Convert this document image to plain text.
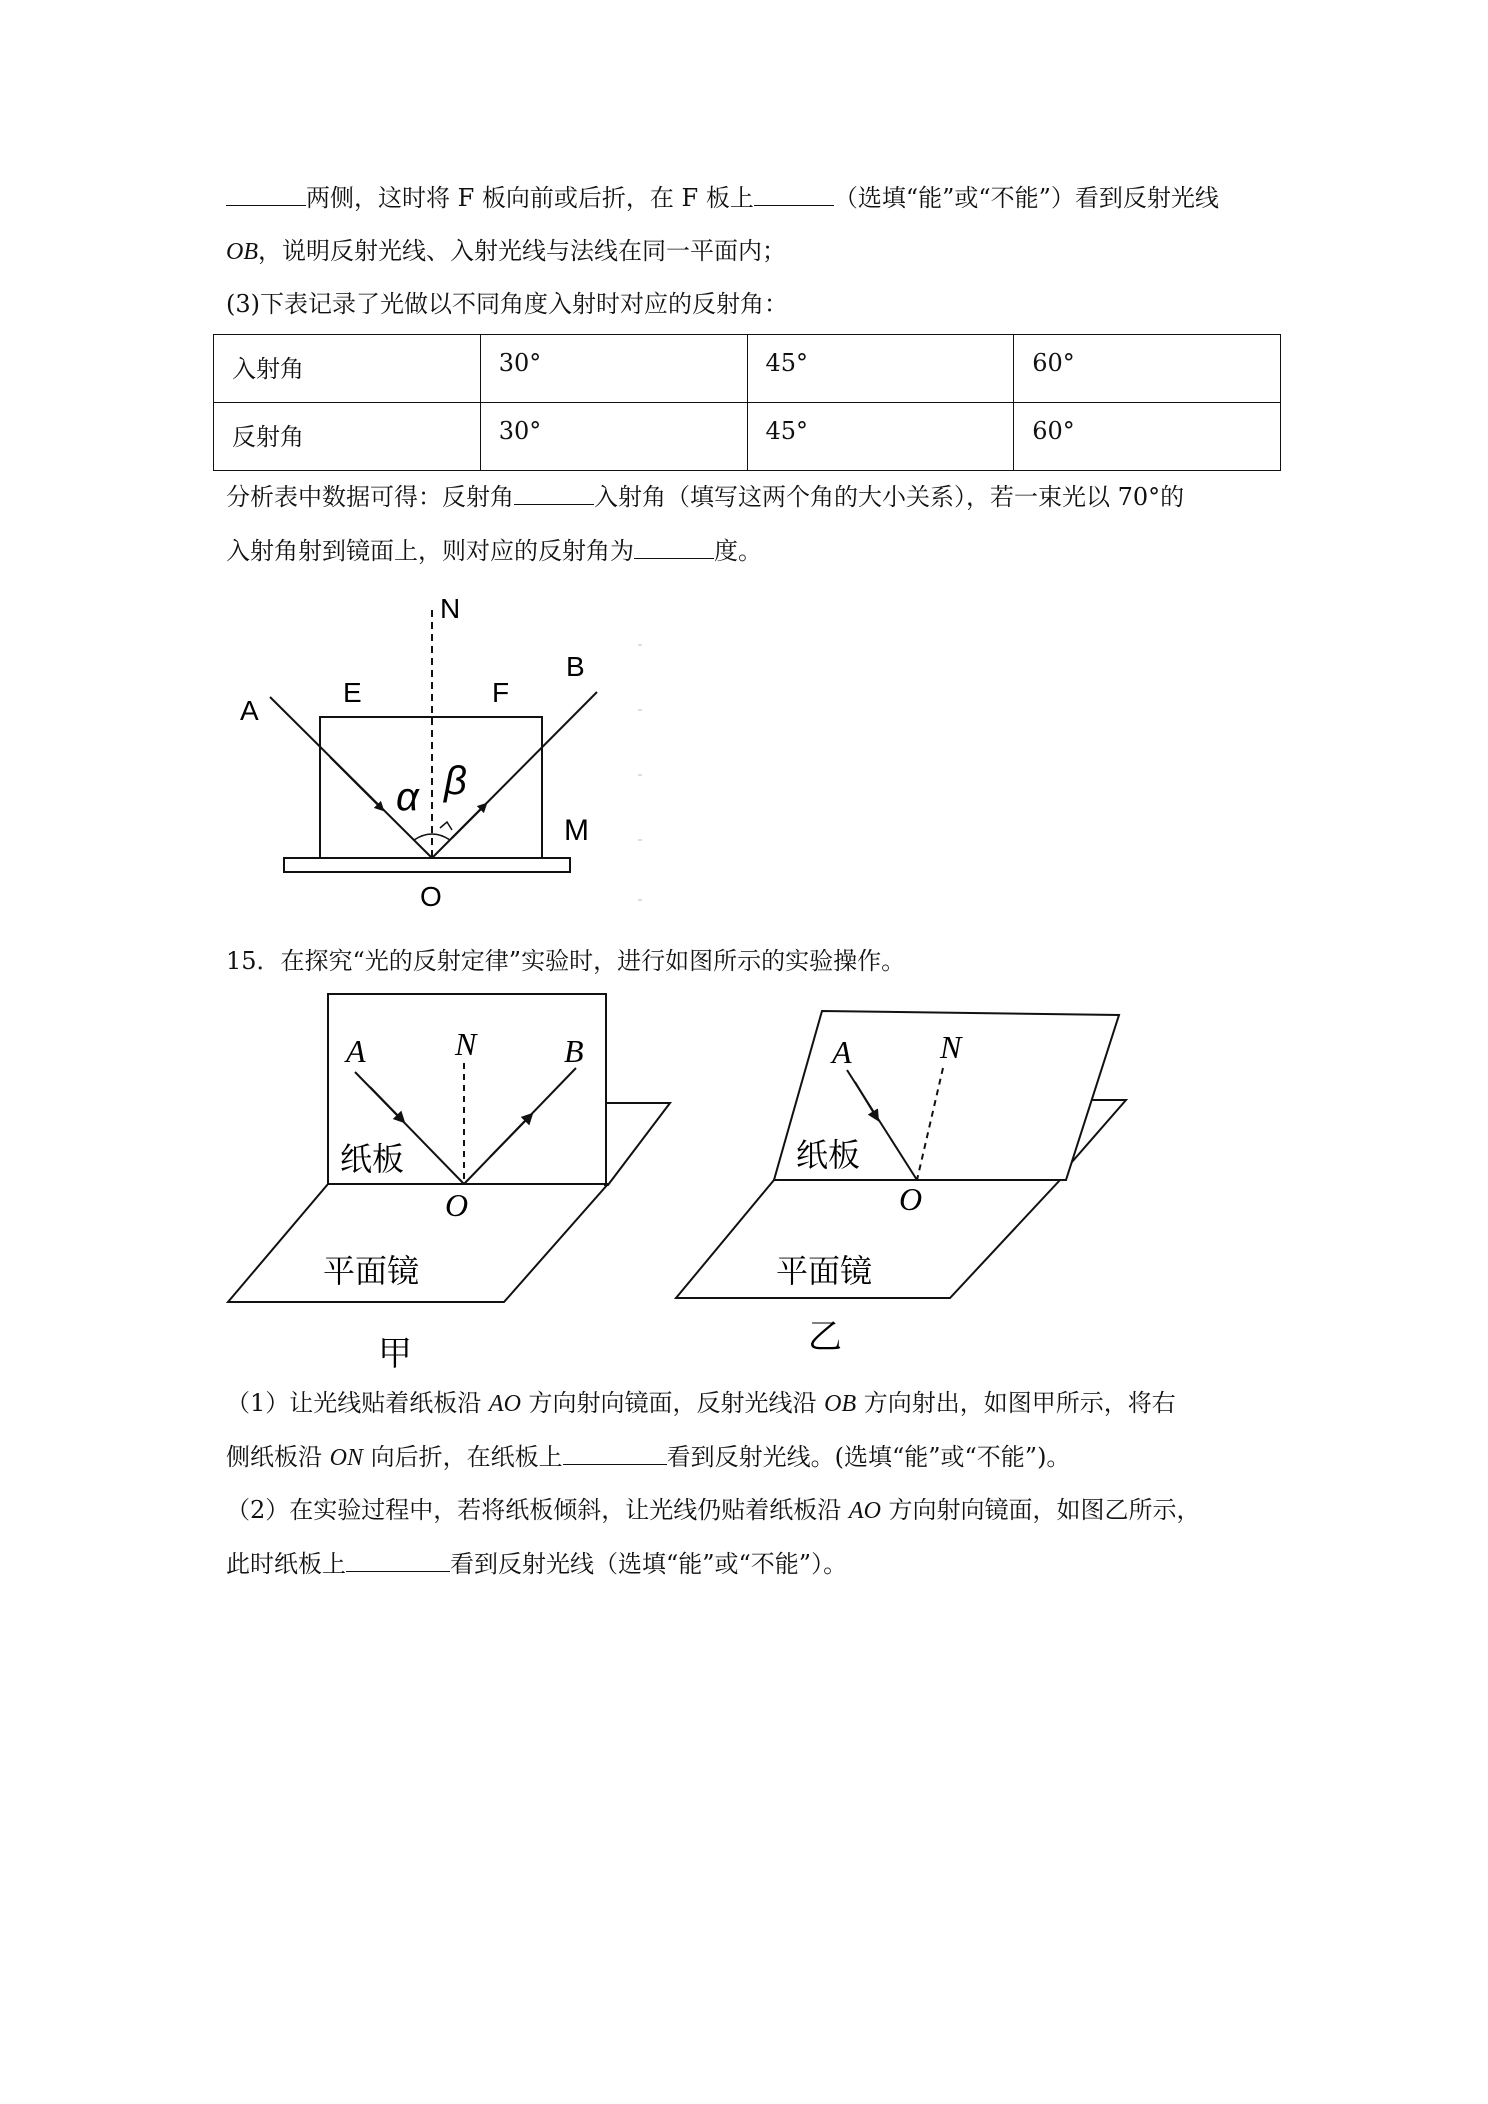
两侧，这时将 F 板向前或后折，在 F 板上	（选填“能”或“不能”）看到反射光线
OB，说明反射光线、入射光线与法线在同一平面内；
(3)下表记录了光做以不同角度入射时对应的反射角：
入射角	30°	45°	60°
反射角	30°	45°	60°
分析表中数据可得：反射角	入射角（填写这两个角的大小关系），若一束光以 70°的
入射角射到镜面上，则对应的反射角为	度。
N
A
E	F
B
α β
M
O
15．在探究“光的反射定律”实验时，进行如图所示的实验操作。
A	N	B
O
纸板
平面镜
甲
A	N
O
纸板
平面镜
乙
（1）让光线贴着纸板沿 AO 方向射向镜面，反射光线沿 OB 方向射出，如图甲所示，将右
侧纸板沿 ON 向后折，在纸板上	看到反射光线。(选填“能”或“不能”)。
（2）在实验过程中，若将纸板倾斜，让光线仍贴着纸板沿 AO 方向射向镜面，如图乙所示，
此时纸板上	看到反射光线（选填“能”或“不能”）。
